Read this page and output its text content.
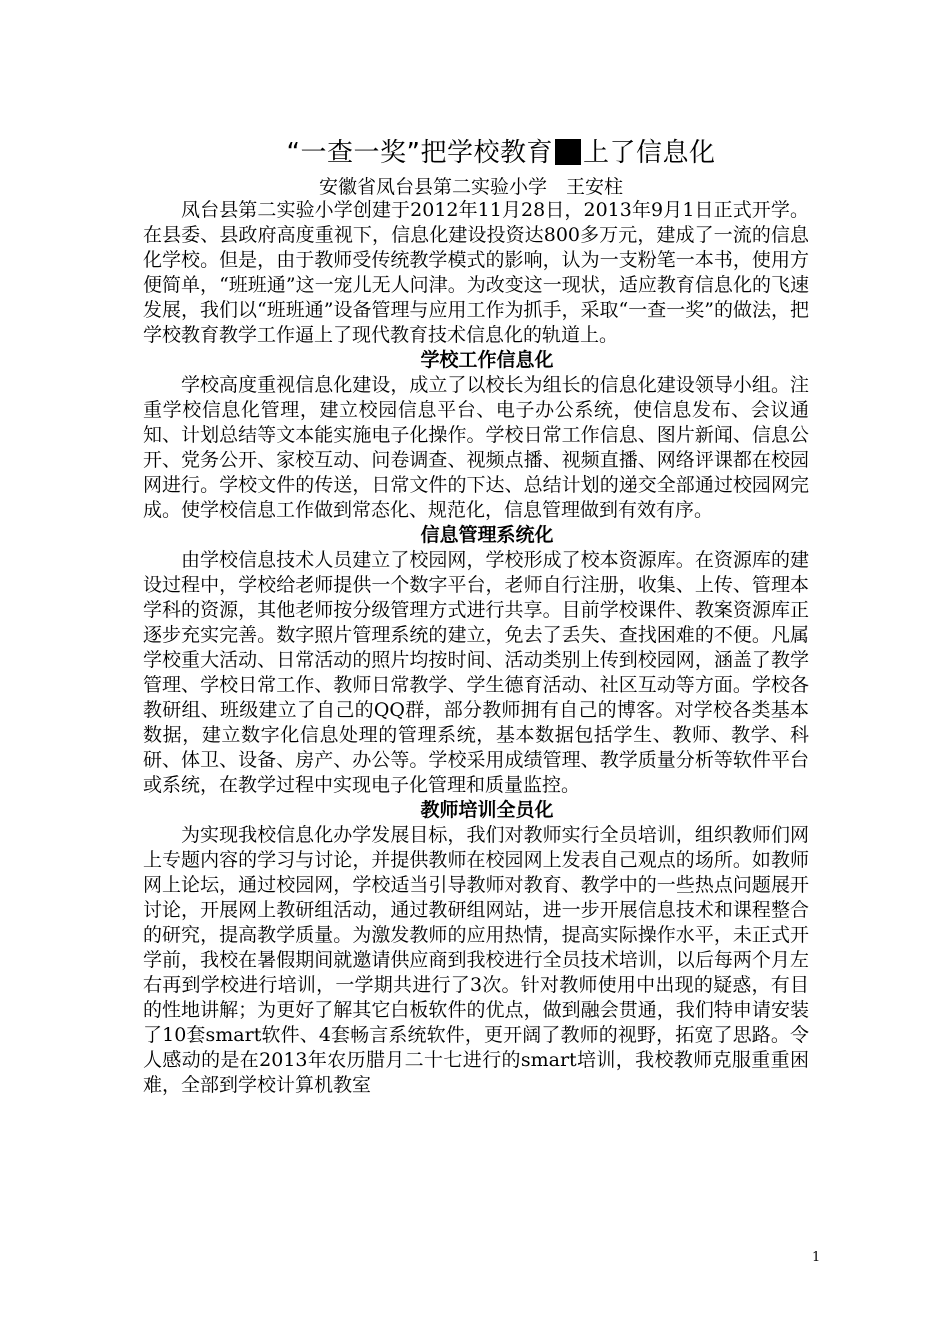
“一查一奖”把学校教育 上了信息化
安徽省凤台县第二实验小学　王安柱

凤台县第二实验小学创建于2012年11月28日，2013年9月1日正式开学。在县委、县政府高度重视下，信息化建设投资达800多万元，建成了一流的信息化学校。但是，由于教师受传统教学模式的影响，认为一支粉笔一本书，使用方便简单，“班班通”这一宠儿无人问津。为改变这一现状，适应教育信息化的飞速发展，我们以“班班通”设备管理与应用工作为抓手，采取“一查一奖”的做法，把学校教育教学工作逼上了现代教育技术信息化的轨道上。

学校工作信息化

学校高度重视信息化建设，成立了以校长为组长的信息化建设领导小组。注重学校信息化管理，建立校园信息平台、电子办公系统，使信息发布、会议通知、计划总结等文本能实施电子化操作。学校日常工作信息、图片新闻、信息公开、党务公开、家校互动、问卷调查、视频点播、视频直播、网络评课都在校园网进行。学校文件的传送，日常文件的下达、总结计划的递交全部通过校园网完成。使学校信息工作做到常态化、规范化，信息管理做到有效有序。

信息管理系统化

由学校信息技术人员建立了校园网，学校形成了校本资源库。在资源库的建设过程中，学校给老师提供一个数字平台，老师自行注册，收集、上传、管理本学科的资源，其他老师按分级管理方式进行共享。目前学校课件、教案资源库正逐步充实完善。数字照片管理系统的建立，免去了丢失、查找困难的不便。凡属学校重大活动、日常活动的照片均按时间、活动类别上传到校园网，涵盖了教学管理、学校日常工作、教师日常教学、学生德育活动、社区互动等方面。学校各教研组、班级建立了自己的QQ群，部分教师拥有自己的博客。对学校各类基本数据，建立数字化信息处理的管理系统，基本数据包括学生、教师、教学、科研、体卫、设备、房产、办公等。学校采用成绩管理、教学质量分析等软件平台或系统，在教学过程中实现电子化管理和质量监控。

教师培训全员化

为实现我校信息化办学发展目标，我们对教师实行全员培训，组织教师们网上专题内容的学习与讨论，并提供教师在校园网上发表自己观点的场所。如教师网上论坛，通过校园网，学校适当引导教师对教育、教学中的一些热点问题展开讨论，开展网上教研组活动，通过教研组网站，进一步开展信息技术和课程整合的研究，提高教学质量。为激发教师的应用热情，提高实际操作水平，未正式开学前，我校在暑假期间就邀请供应商到我校进行全员技术培训，以后每两个月左右再到学校进行培训，一学期共进行了3次。针对教师使用中出现的疑惑，有目的性地讲解；为更好了解其它白板软件的优点，做到融会贯通，我们特申请安装了10套smart软件、4套畅言系统软件，更开阔了教师的视野，拓宽了思路。令人感动的是在2013年农历腊月二十七进行的smart培训，我校教师克服重重困难，全部到学校计算机教室

1
